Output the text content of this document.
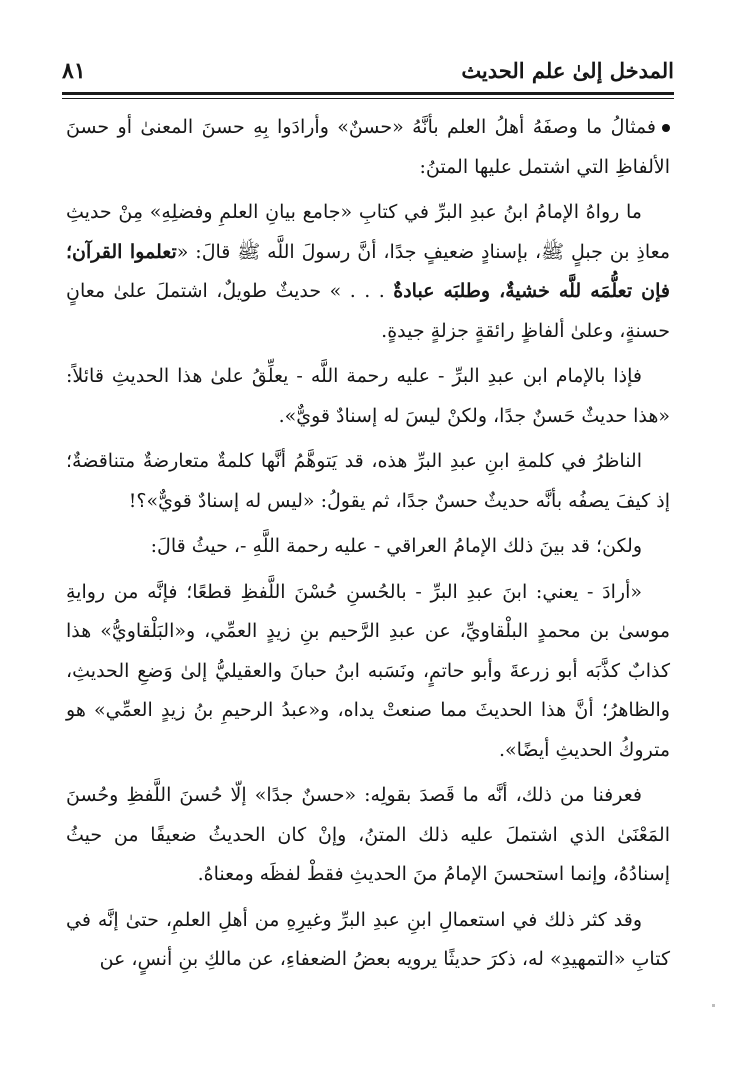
المدخل إلىٰ علم الحديث
٨١

فمثالُ ما وصفَهُ أهلُ العلم بأنَّهُ «حسنٌ» وأرادَوا بِهِ حسنَ المعنىٰ أو حسنَ الألفاظِ التي اشتمل عليها المتنُ:

ما رواهُ الإمامُ ابنُ عبدِ البرِّ في كتابِ «جامع بيانِ العلمِ وفضلِهِ» مِنْ حديثِ معاذِ بن جبلٍ ﷺ، بإسنادٍ ضعيفٍ جدًا، أنَّ رسولَ اللَّه ﷺ قالَ: «تعلموا القرآن؛ فإن تعلُّمَه للَّه خشيةٌ، وطلبَه عبادةٌ . . . » حديثٌ طويلٌ، اشتملَ علىٰ معانٍ حسنةٍ، وعلىٰ ألفاظٍ رائقةٍ جزلةٍ جيدةٍ.

فإذا بالإمام ابن عبدِ البرِّ - عليه رحمة اللَّه - يعلِّقُ علىٰ هذا الحديثِ قائلاً: «هذا حديثٌ حَسنٌ جدًا، ولكنْ ليسَ له إسنادٌ قويٌّ».

الناظرُ في كلمةِ ابنِ عبدِ البرِّ هذه، قد يَتوهَّمُ أنَّها كلمةٌ متعارضةٌ متناقضةٌ؛ إذ كيفَ يصفُه بأنَّه حديثٌ حسنٌ جدًا، ثم يقولُ: «ليس له إسنادٌ قويٌّ»؟!

ولكن؛ قد بينَ ذلك الإمامُ العراقي - عليه رحمة اللَّهِ -، حيثُ قالَ:

«أرادَ - يعني: ابنَ عبدِ البرِّ - بالحُسنِ حُسْنَ اللَّفظِ قطعًا؛ فإنَّه من روايةِ موسىٰ بن محمدٍ البلْقاويِّ، عن عبدِ الرَّحيم بنِ زيدٍ العمِّي، و«البَلْقاويُّ» هذا كذابٌ كذَّبَه أبو زرعةَ وأبو حاتمٍ، ونَسَبه ابنُ حبانَ والعقيليُّ إلىٰ وَضعِ الحديثِ، والظاهرُ؛ أنَّ هذا الحديثَ مما صنعتْ يداه، و«عبدُ الرحيمِ بنُ زيدٍ العمِّي» هو متروكُ الحديثِ أيضًا».

فعرفنا من ذلك، أنَّه ما قَصدَ بقولِه: «حسنٌ جدًا» إلّا حُسنَ اللَّفظِ وحُسنَ المَعْنَىٰ الذي اشتملَ عليه ذلك المتنُ، وإنْ كان الحديثُ ضعيفًا من حيثُ إسنادُهُ، وإنما استحسنَ الإمامُ منَ الحديثِ فقطْ لفظَه ومعناهُ.

وقد كثر ذلك في استعمالِ ابنِ عبدِ البرِّ وغيرِهِ من أهلِ العلمِ، حتىٰ إنَّه في كتابِ «التمهيدِ» له، ذكرَ حديثًا يرويه بعضُ الضعفاءِ، عن مالكِ بنِ أنسٍ، عن
